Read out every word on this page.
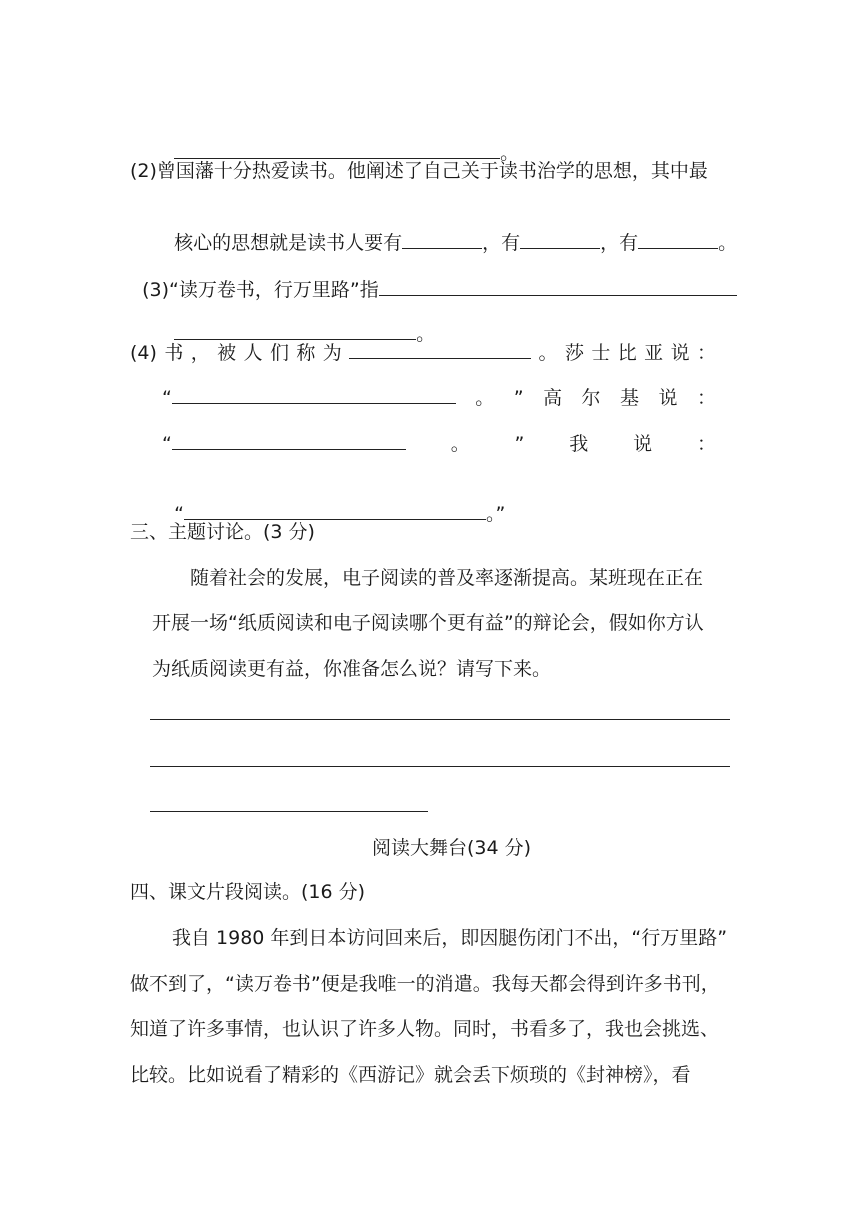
。

(2)曾国藩十分热爱读书。他阐述了自己关于读书治学的思想，其中最

核心的思想就是读书人要有	，有	，有	。

(3)“读万卷书，行万里路”指

。

(4) 书 ， 被 人 们 称 为	。 莎 士 比 亚 说 ：
“	。 ” 高 尔 基 说 ：
“	。 ” 我 说 ：

“	。”

三、主题讨论。(3 分)
随着社会的发展，电子阅读的普及率逐渐提高。某班现在正在
开展一场“纸质阅读和电子阅读哪个更有益”的辩论会，假如你方认
为纸质阅读更有益，你准备怎么说？请写下来。
阅读大舞台(34 分)
四、课文片段阅读。(16 分)
我自 1980 年到日本访问回来后，即因腿伤闭门不出，“行万里路”
做不到了，“读万卷书”便是我唯一的消遣。我每天都会得到许多书刊，
知道了许多事情，也认识了许多人物。同时，书看多了，我也会挑选、
比较。比如说看了精彩的《西游记》就会丢下烦琐的《封神榜》，看
